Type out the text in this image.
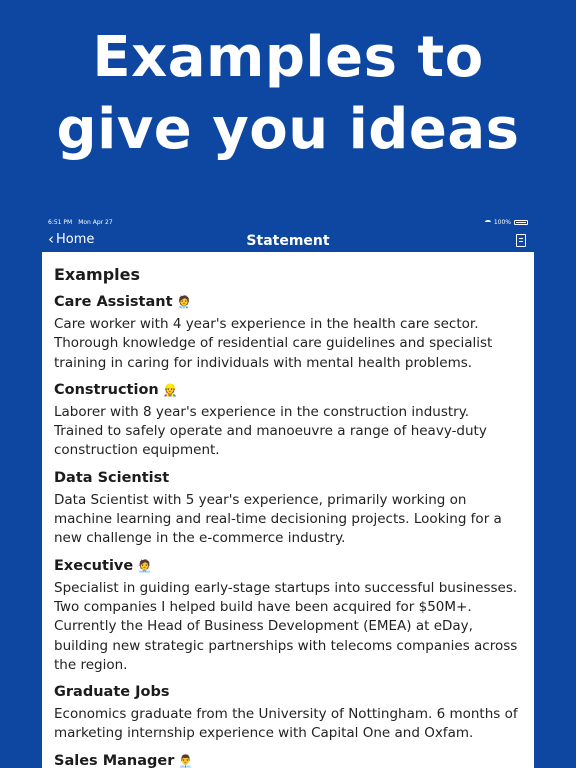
Examples to
give you ideas
6:51 PM Mon Apr 27	100%
‹ Home	Statement
Examples
Care Assistant 🧑‍⚕️

Care worker with 4 year's experience in the health care sector. Thorough knowledge of residential care guidelines and specialist training in caring for individuals with mental health problems.

Construction 👷

Laborer with 8 year's experience in the construction industry. Trained to safely operate and manoeuvre a range of heavy-duty construction equipment.

Data Scientist

Data Scientist with 5 year's experience, primarily working on machine learning and real-time decisioning projects. Looking for a new challenge in the e-commerce industry.

Executive 🧑‍💼

Specialist in guiding early-stage startups into successful businesses. Two companies I helped build have been acquired for $50M+. Currently the Head of Business Development (EMEA) at eDay, building new strategic partnerships with telecoms companies across the region.

Graduate Jobs

Economics graduate from the University of Nottingham. 6 months of marketing internship experience with Capital One and Oxfam.

Sales Manager 👨‍💼
